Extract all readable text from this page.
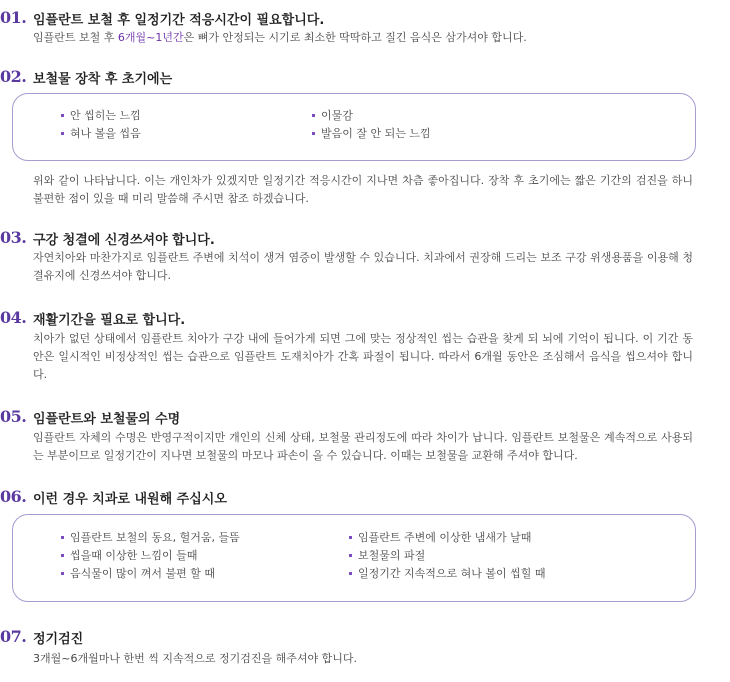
01. 임플란트 보철 후 일정기간 적응시간이 필요합니다.
임플란트 보철 후 6개월~1년간은 뼈가 안정되는 시기로 최소한 딱딱하고 질긴 음식은 삼가셔야 합니다.
02. 보철물 장착 후 초기에는
안 씹히는 느낌
혀나 볼을 씹음
이물감
발음이 잘 안 되는 느낌
위와 같이 나타납니다. 이는 개인차가 있겠지만 일정기간 적응시간이 지나면 차츰 좋아집니다. 장착 후 초기에는 짧은 기간의 검진을 하니 불편한 점이 있을 때 미리 말씀해 주시면 참조 하겠습니다.
03. 구강 청결에 신경쓰셔야 합니다.
자연치아와 마찬가지로 임플란트 주변에 치석이 생겨 염증이 발생할 수 있습니다. 치과에서 권장해 드리는 보조 구강 위생용품을 이용해 청결유지에 신경쓰셔야 합니다.
04. 재활기간을 필요로 합니다.
치아가 없던 상태에서 임플란트 치아가 구강 내에 들어가게 되면 그에 맞는 정상적인 씹는 습관을 찾게 되 뇌에 기억이 됩니다. 이 기간 동안은 일시적인 비정상적인 씹는 습관으로 임플란트 도재치아가 간혹 파절이 됩니다. 따라서 6개월 동안은 조심해서 음식을 씹으셔야 합니다.
05. 임플란트와 보철물의 수명
임플란트 자체의 수명은 반영구적이지만 개인의 신체 상태, 보철물 관리정도에 따라 차이가 납니다. 임플란트 보철물은 계속적으로 사용되는 부분이므로 일정기간이 지나면 보철물의 마모나 파손이 올 수 있습니다. 이때는 보철물을 교환해 주셔야 합니다.
06. 이런 경우 치과로 내원해 주십시오
임플란트 보철의 동요, 헐거움, 들뜸
씹을때 이상한 느낌이 들때
음식물이 많이 껴서 불편 할 때
임플란트 주변에 이상한 냄새가 날때
보철물의 파절
일정기간 지속적으로 혀나 볼이 씹힐 때
07. 정기검진
3개월~6개월마나 한번 씩 지속적으로 정기검진을 해주셔야 합니다.
